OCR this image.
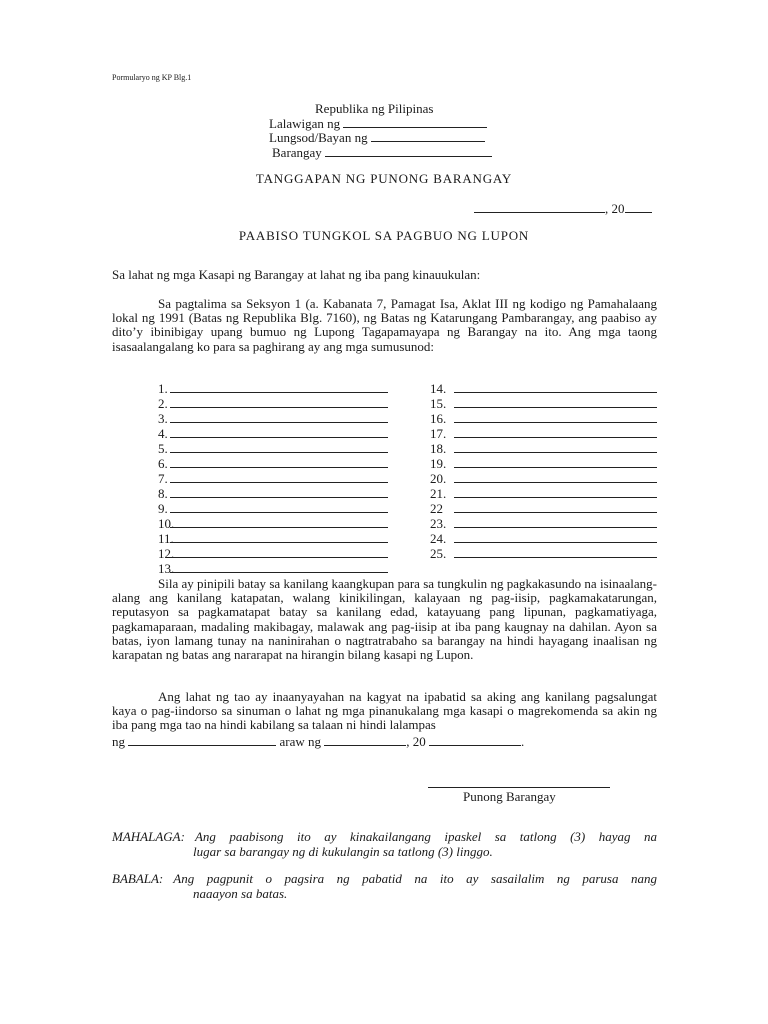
Pormularyo ng KP Blg.1
Republika ng Pilipinas
Lalawigan ng
Lungsod/Bayan ng
Barangay
TANGGAPAN NG PUNONG BARANGAY
, 20
PAABISO TUNGKOL SA PAGBUO NG LUPON
Sa lahat ng mga Kasapi ng Barangay at lahat ng iba pang kinauukulan:
Sa pagtalima sa Seksyon 1 (a. Kabanata 7, Pamagat Isa, Aklat III ng kodigo ng Pamahalaang lokal ng 1991 (Batas ng Republika Blg. 7160), ng Batas ng Katarungang Pambarangay, ang paabiso ay dito’y ibinibigay upang bumuo ng Lupong Tagapamayapa ng Barangay na ito. Ang mga taong isasaalangalang ko para sa paghirang ay ang mga sumusunod:
1.
2.
3.
4.
5.
6.
7.
8.
9.
10.
11.
12.
13.
14.
15.
16.
17.
18.
19.
20.
21.
22
23.
24.
25.
Sila ay pinipili batay sa kanilang kaangkupan para sa tungkulin ng pagkakasundo na isinaalang-alang ang kanilang katapatan, walang kinikilingan, kalayaan ng pag-iisip, pagkamakatarungan, reputasyon sa pagkamatapat batay sa kanilang edad, katayuang pang lipunan, pagkamatiyaga, pagkamaparaan, madaling makibagay, malawak ang pag-iisip at iba pang kaugnay na dahilan. Ayon sa batas, iyon lamang tunay na naninirahan o nagtratrabaho sa barangay na hindi hayagang inaalisan ng karapatan ng batas ang nararapat na hirangin bilang kasapi ng Lupon.
Ang lahat ng tao ay inaanyayahan na kagyat na ipabatid sa aking ang kanilang pagsalungat kaya o pag-iindorso sa sinuman o lahat ng mga pinanukalang mga kasapi o magrekomenda sa akin ng iba pang mga tao na hindi kabilang sa talaan ni hindi lalampas
ng	araw ng	, 20	.
Punong Barangay
MAHALAGA: Ang paabisong ito ay kinakailangang ipaskel sa tatlong (3) hayag na
lugar sa barangay ng di kukulangin sa tatlong (3) linggo.
BABALA: Ang pagpunit o pagsira ng pabatid na ito ay sasailalim ng parusa nang
naaayon sa batas.
